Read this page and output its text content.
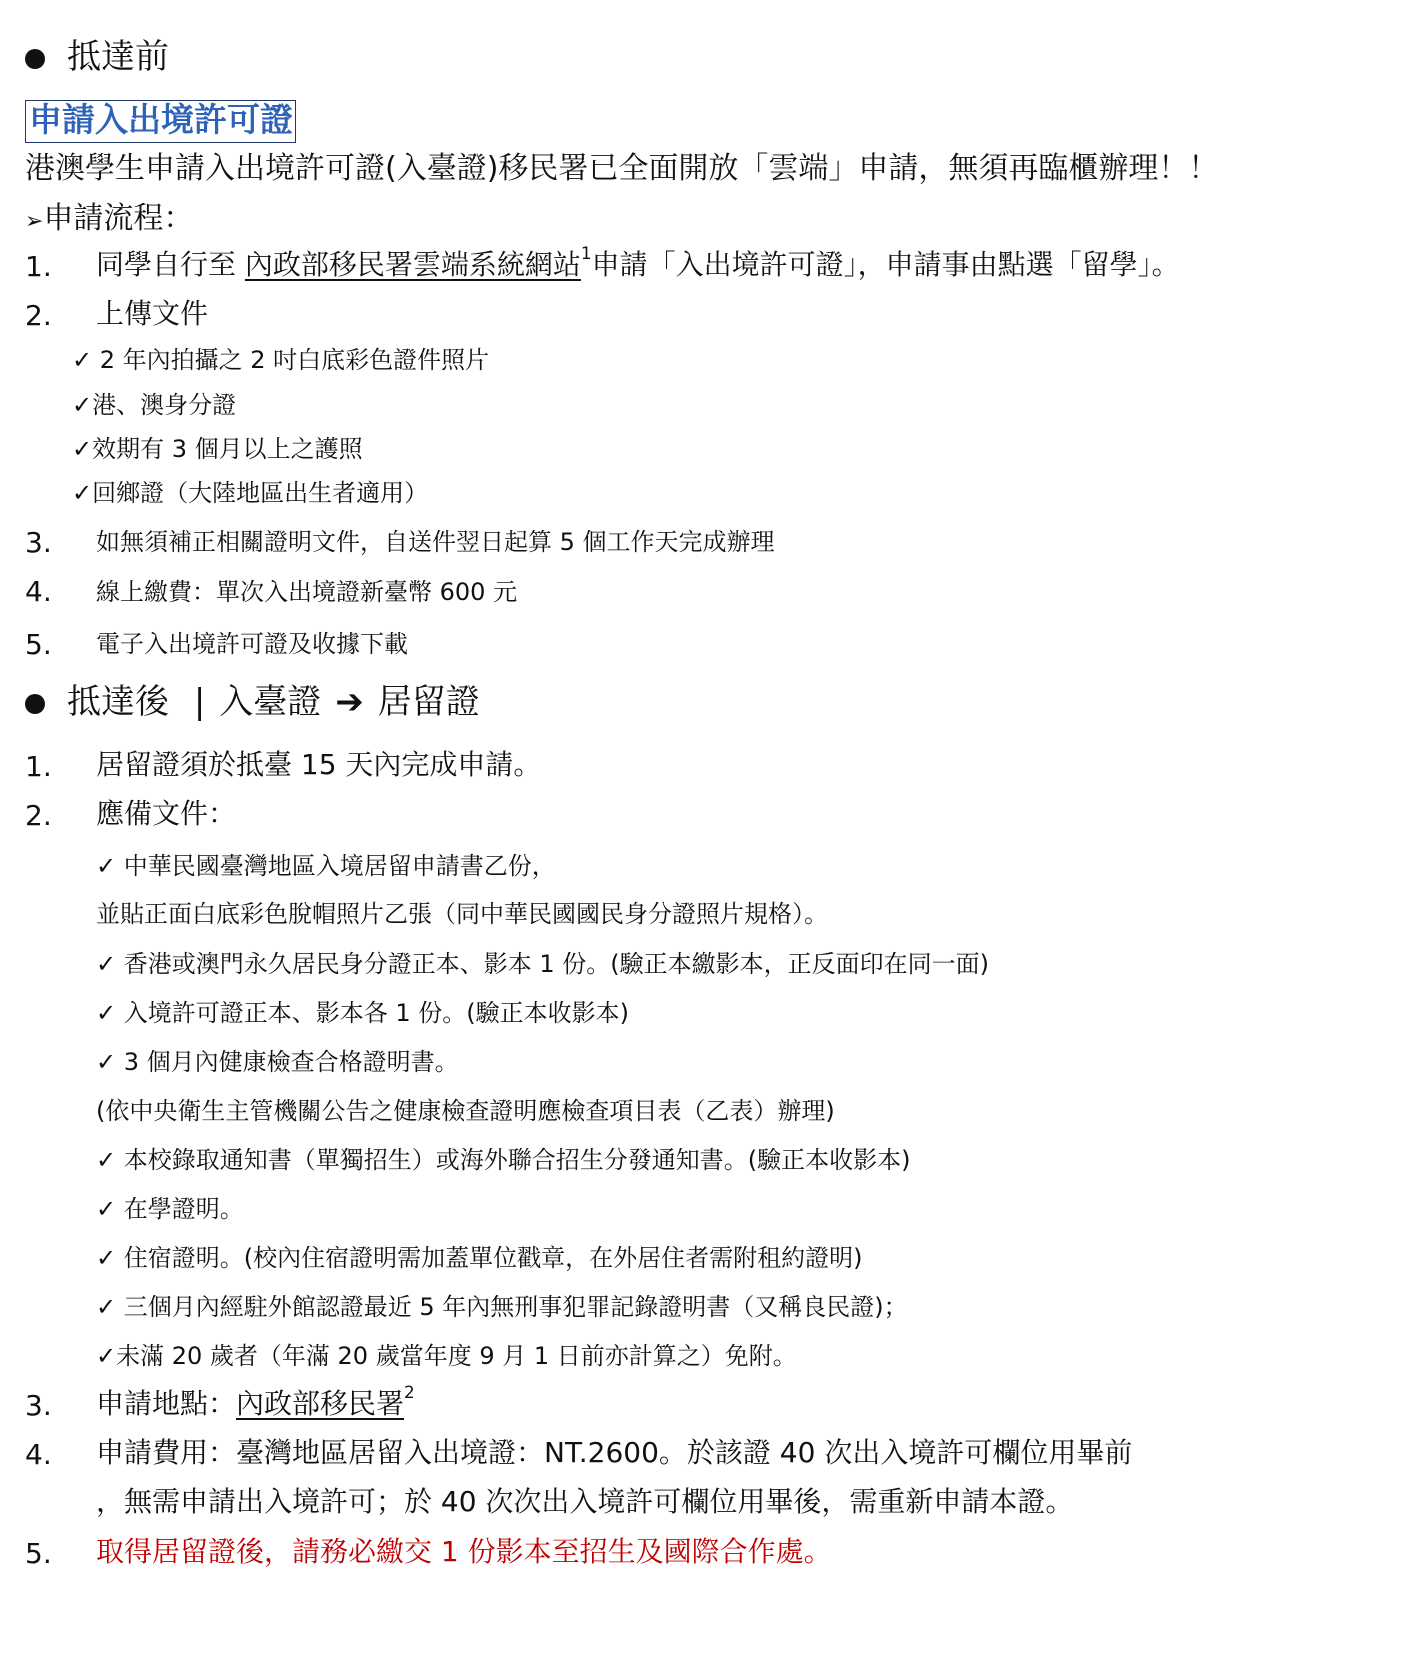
抵達前
申請入出境許可證
港澳學生申請入出境許可證(入臺證)移民署已全面開放「雲端」申請，無須再臨櫃辦理！！
➢申請流程：
1. 同學自行至 內政部移民署雲端系統網站$^1$申請「入出境許可證」，申請事由點選「留學」。
2. 上傳文件
✓ 2 年內拍攝之 2 吋白底彩色證件照片
✓港、澳身分證
✓效期有 3 個月以上之護照
✓回鄉證（大陸地區出生者適用）
3. 如無須補正相關證明文件，自送件翌日起算 5 個工作天完成辦理
4. 線上繳費：單次入出境證新臺幣 600 元
5. 電子入出境許可證及收據下載
抵達後 | 入臺證 ➔ 居留證
1. 居留證須於抵臺 15 天內完成申請。
2. 應備文件：
✓ 中華民國臺灣地區入境居留申請書乙份，
並貼正面白底彩色脫帽照片乙張（同中華民國國民身分證照片規格）。
✓ 香港或澳門永久居民身分證正本、影本 1 份。(驗正本繳影本，正反面印在同一面)
✓ 入境許可證正本、影本各 1 份。(驗正本收影本)
✓ 3 個月內健康檢查合格證明書。
(依中央衛生主管機關公告之健康檢查證明應檢查項目表（乙表）辦理)
✓ 本校錄取通知書（單獨招生）或海外聯合招生分發通知書。(驗正本收影本)
✓ 在學證明。
✓ 住宿證明。(校內住宿證明需加蓋單位戳章，在外居住者需附租約證明)
✓ 三個月內經駐外館認證最近 5 年內無刑事犯罪記錄證明書（又稱良民證)；
✓未滿 20 歲者（年滿 20 歲當年度 9 月 1 日前亦計算之）免附。
3. 申請地點：內政部移民署$^2$
4. 申請費用：臺灣地區居留入出境證：NT.2600。於該證 40 次出入境許可欄位用畢前
，無需申請出入境許可；於 40 次次出入境許可欄位用畢後，需重新申請本證。
5. 取得居留證後，請務必繳交 1 份影本至招生及國際合作處。
